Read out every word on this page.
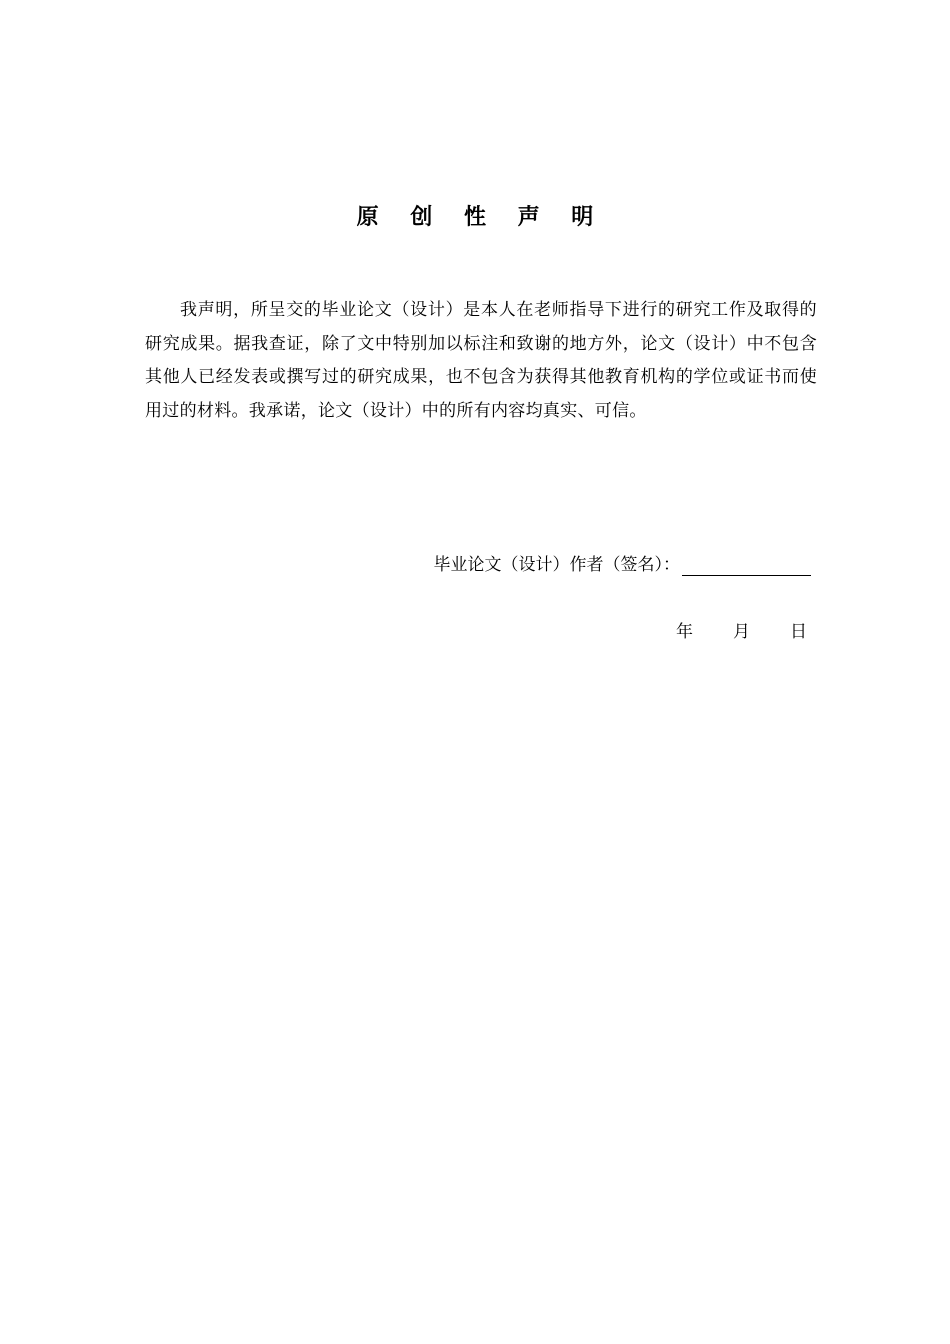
原 创 性 声 明

我声明，所呈交的毕业论文（设计）是本人在老师指导下进行的研究工作及取得的研究成果。据我查证，除了文中特别加以标注和致谢的地方外，论文（设计）中不包含其他人已经发表或撰写过的研究成果，也不包含为获得其他教育机构的学位或证书而使用过的材料。我承诺，论文（设计）中的所有内容均真实、可信。

毕业论文（设计）作者（签名）：
年 月 日
